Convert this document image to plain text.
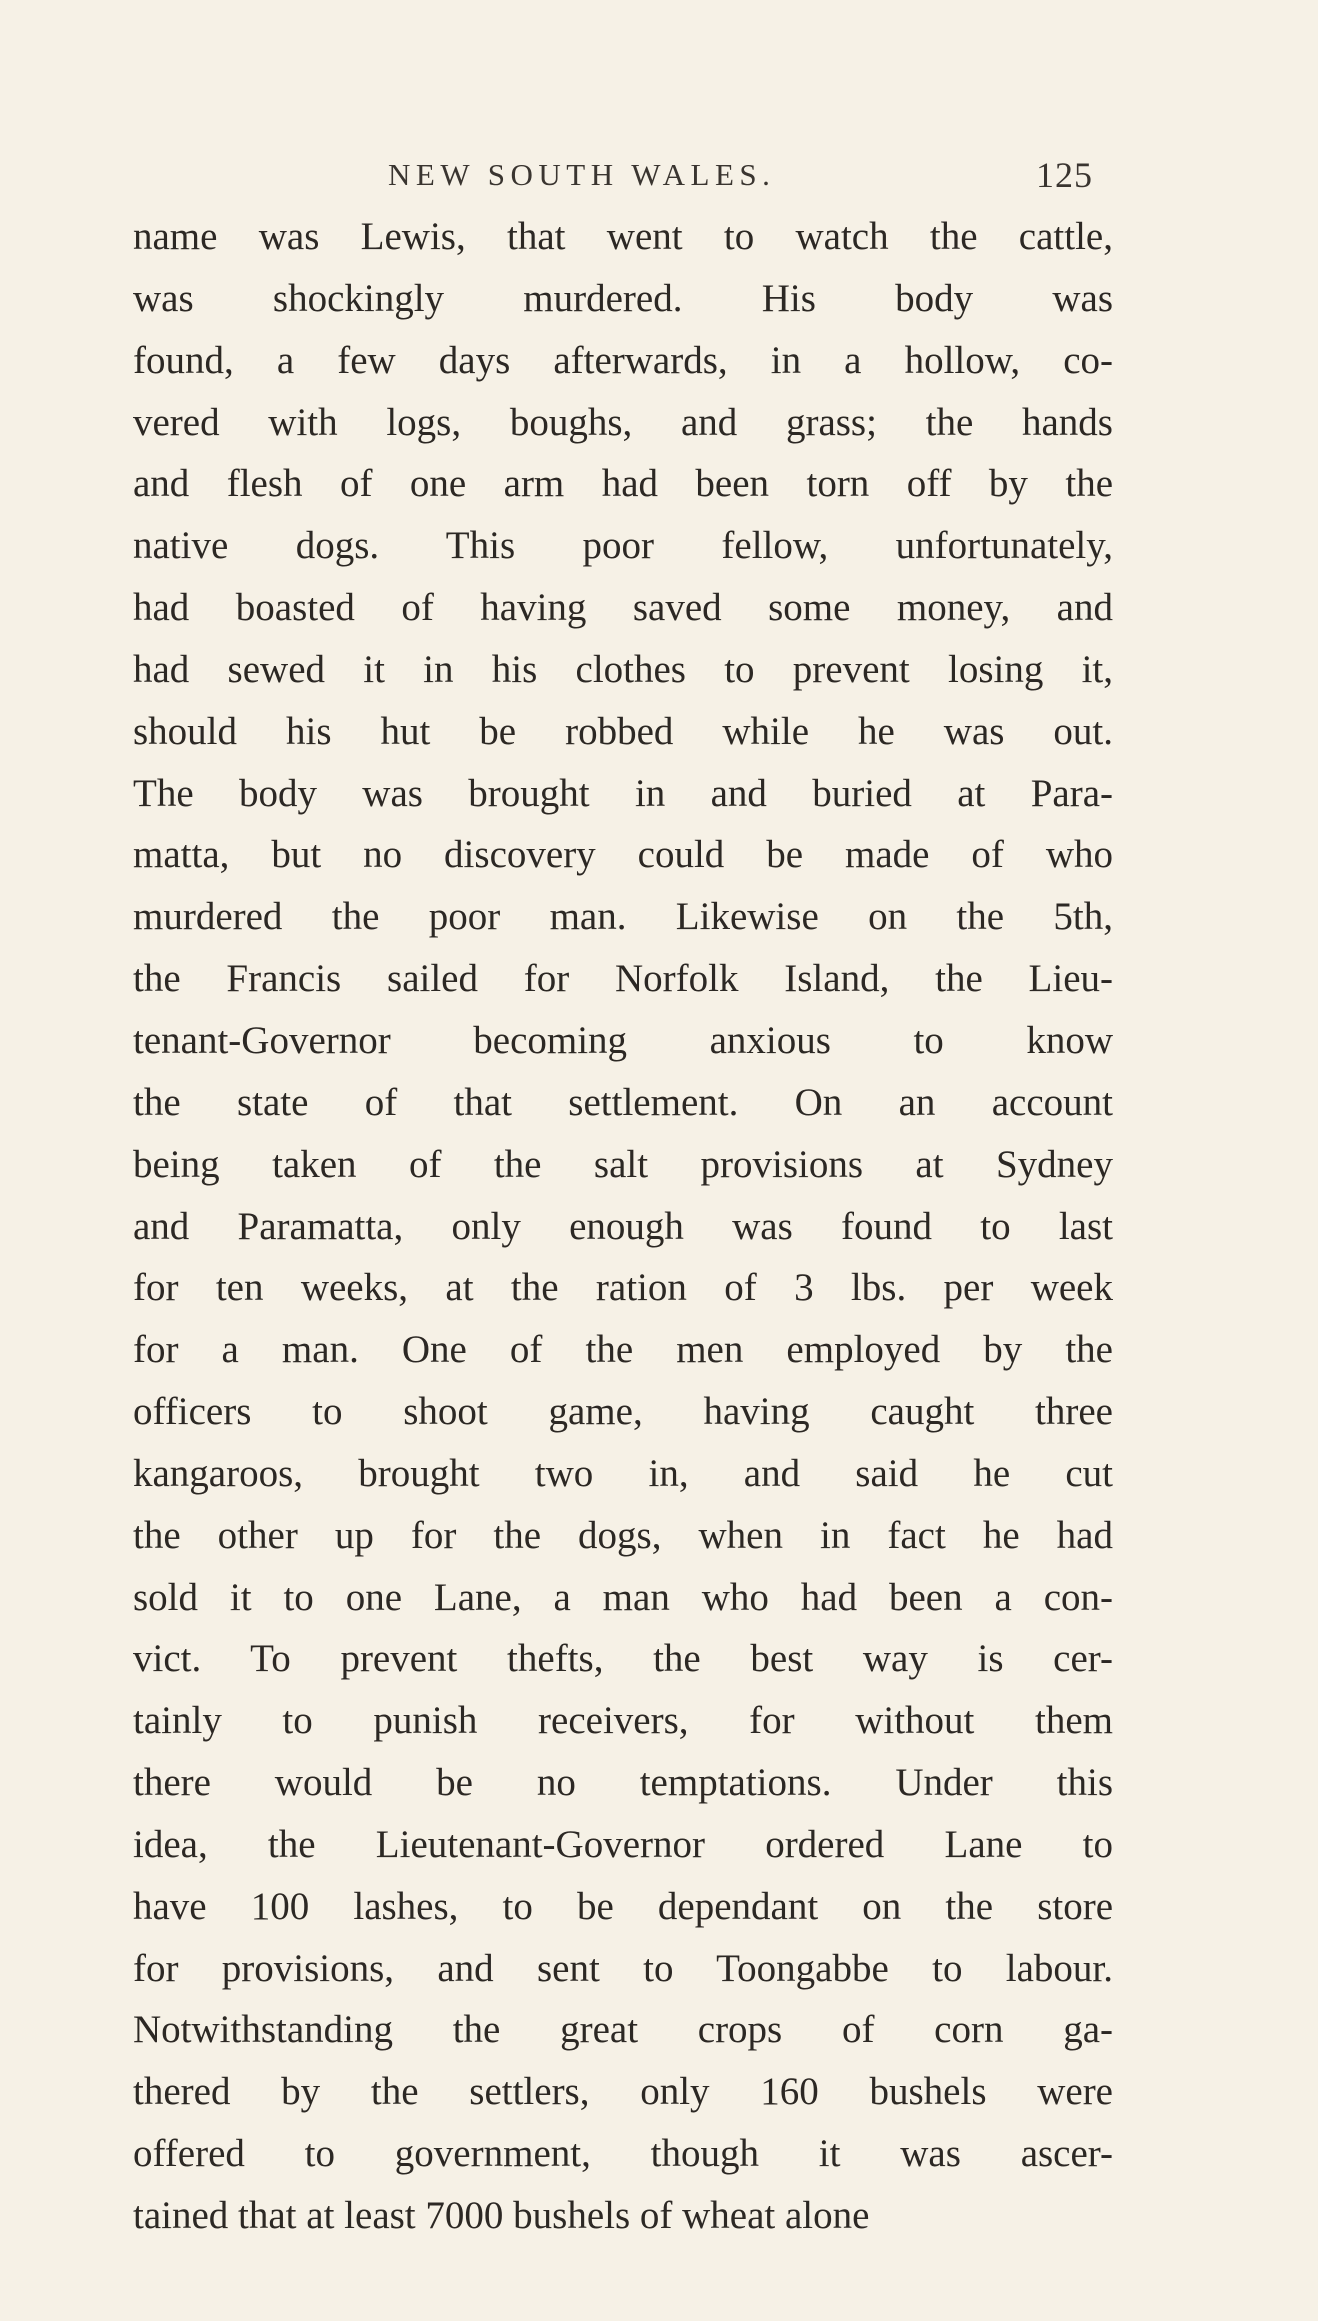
NEW SOUTH WALES.	125
name was Lewis, that went to watch the cattle,
was shockingly murdered. His body was
found, a few days afterwards, in a hollow, co-
vered with logs, boughs, and grass; the hands
and flesh of one arm had been torn off by the
native dogs. This poor fellow, unfortunately,
had boasted of having saved some money, and
had sewed it in his clothes to prevent losing it,
should his hut be robbed while he was out.
The body was brought in and buried at Para-
matta, but no discovery could be made of who
murdered the poor man. Likewise on the 5th,
the Francis sailed for Norfolk Island, the Lieu-
tenant-Governor becoming anxious to know
the state of that settlement. On an account
being taken of the salt provisions at Sydney
and Paramatta, only enough was found to last
for ten weeks, at the ration of 3 lbs. per week
for a man. One of the men employed by the
officers to shoot game, having caught three
kangaroos, brought two in, and said he cut
the other up for the dogs, when in fact he had
sold it to one Lane, a man who had been a con-
vict. To prevent thefts, the best way is cer-
tainly to punish receivers, for without them
there would be no temptations. Under this
idea, the Lieutenant-Governor ordered Lane to
have 100 lashes, to be dependant on the store
for provisions, and sent to Toongabbe to labour.
Notwithstanding the great crops of corn ga-
thered by the settlers, only 160 bushels were
offered to government, though it was ascer-
tained that at least 7000 bushels of wheat alone
